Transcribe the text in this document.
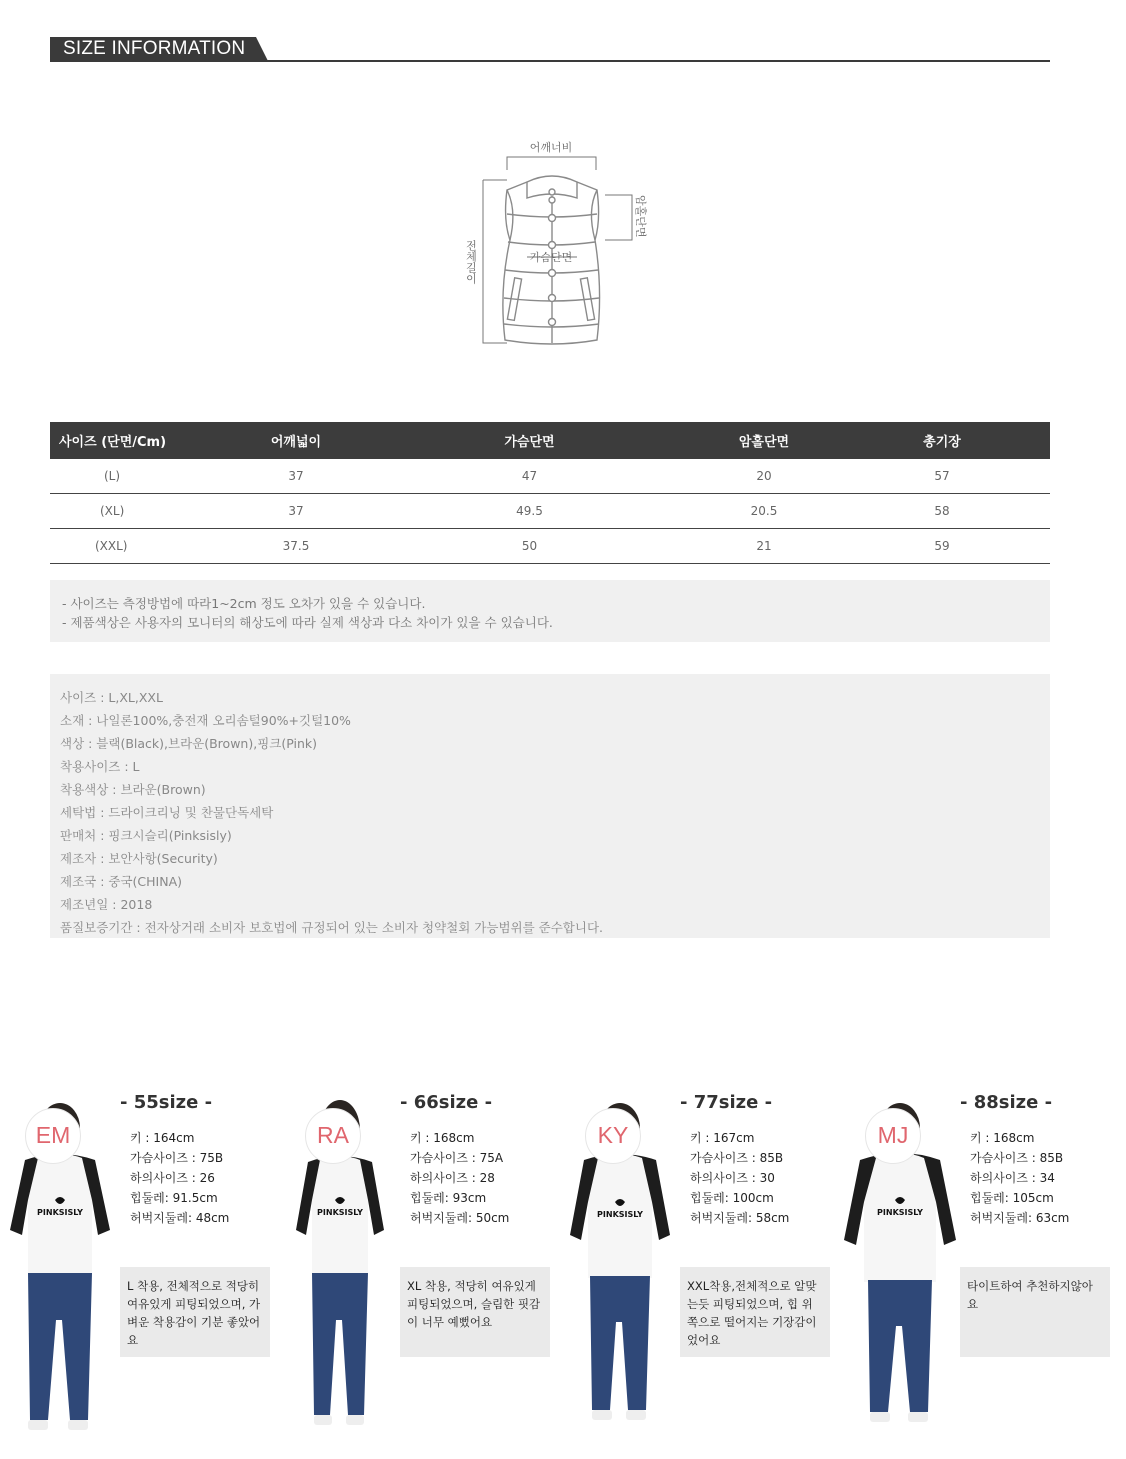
SIZE INFORMATION
어깨너비
가슴단면
암홀단면
전체길이
사이즈 (단면/Cm)	어깨넓이	가슴단면	암홀단면	총기장
(L)	37	47	20	57
(XL)	37	49.5	20.5	58
(XXL)	37.5	50	21	59
- 사이즈는 측정방법에 따라1~2cm 정도 오차가 있을 수 있습니다.
- 제품색상은 사용자의 모니터의 해상도에 따라 실제 색상과 다소 차이가 있을 수 있습니다.
사이즈 : L,XL,XXL
소재 : 나일론100%,충전재 오리솜털90%+깃털10%
색상 : 블랙(Black),브라운(Brown),핑크(Pink)
착용사이즈 : L
착용색상 : 브라운(Brown)
세탁법 : 드라이크리닝 및 찬물단독세탁
판매처 : 핑크시슬리(Pinksisly)
제조자 : 보안사항(Security)
제조국 : 중국(CHINA)
제조년일 : 2018
품질보증기간 : 전자상거래 소비자 보호법에 규정되어 있는 소비자 청약철회 가능범위를 준수합니다.
PINKSISLY
EM
- 55size -
키 : 164cm
가슴사이즈 : 75B
하의사이즈 : 26
힙둘레: 91.5cm
허벅지둘레: 48cm
L 착용, 전체적으로 적당히 여유있게 피팅되었으며, 가벼운 착용감이 기분 좋았어요
PINKSISLY
RA
- 66size -
키 : 168cm
가슴사이즈 : 75A
하의사이즈 : 28
힙둘레: 93cm
허벅지둘레: 50cm
XL 착용, 적당히 여유있게 피팅되었으며, 슬림한 핏감이 너무 예뻤어요
PINKSISLY
KY
- 77size -
키 : 167cm
가슴사이즈 : 85B
하의사이즈 : 30
힙둘레: 100cm
허벅지둘레: 58cm
XXL착용,전체적으로 알맞는듯 피팅되었으며, 힙 위쪽으로 떨어지는 기장감이 었어요
PINKSISLY
MJ
- 88size -
키 : 168cm
가슴사이즈 : 85B
하의사이즈 : 34
힙둘레: 105cm
허벅지둘레: 63cm
타이트하여 추천하지않아요
